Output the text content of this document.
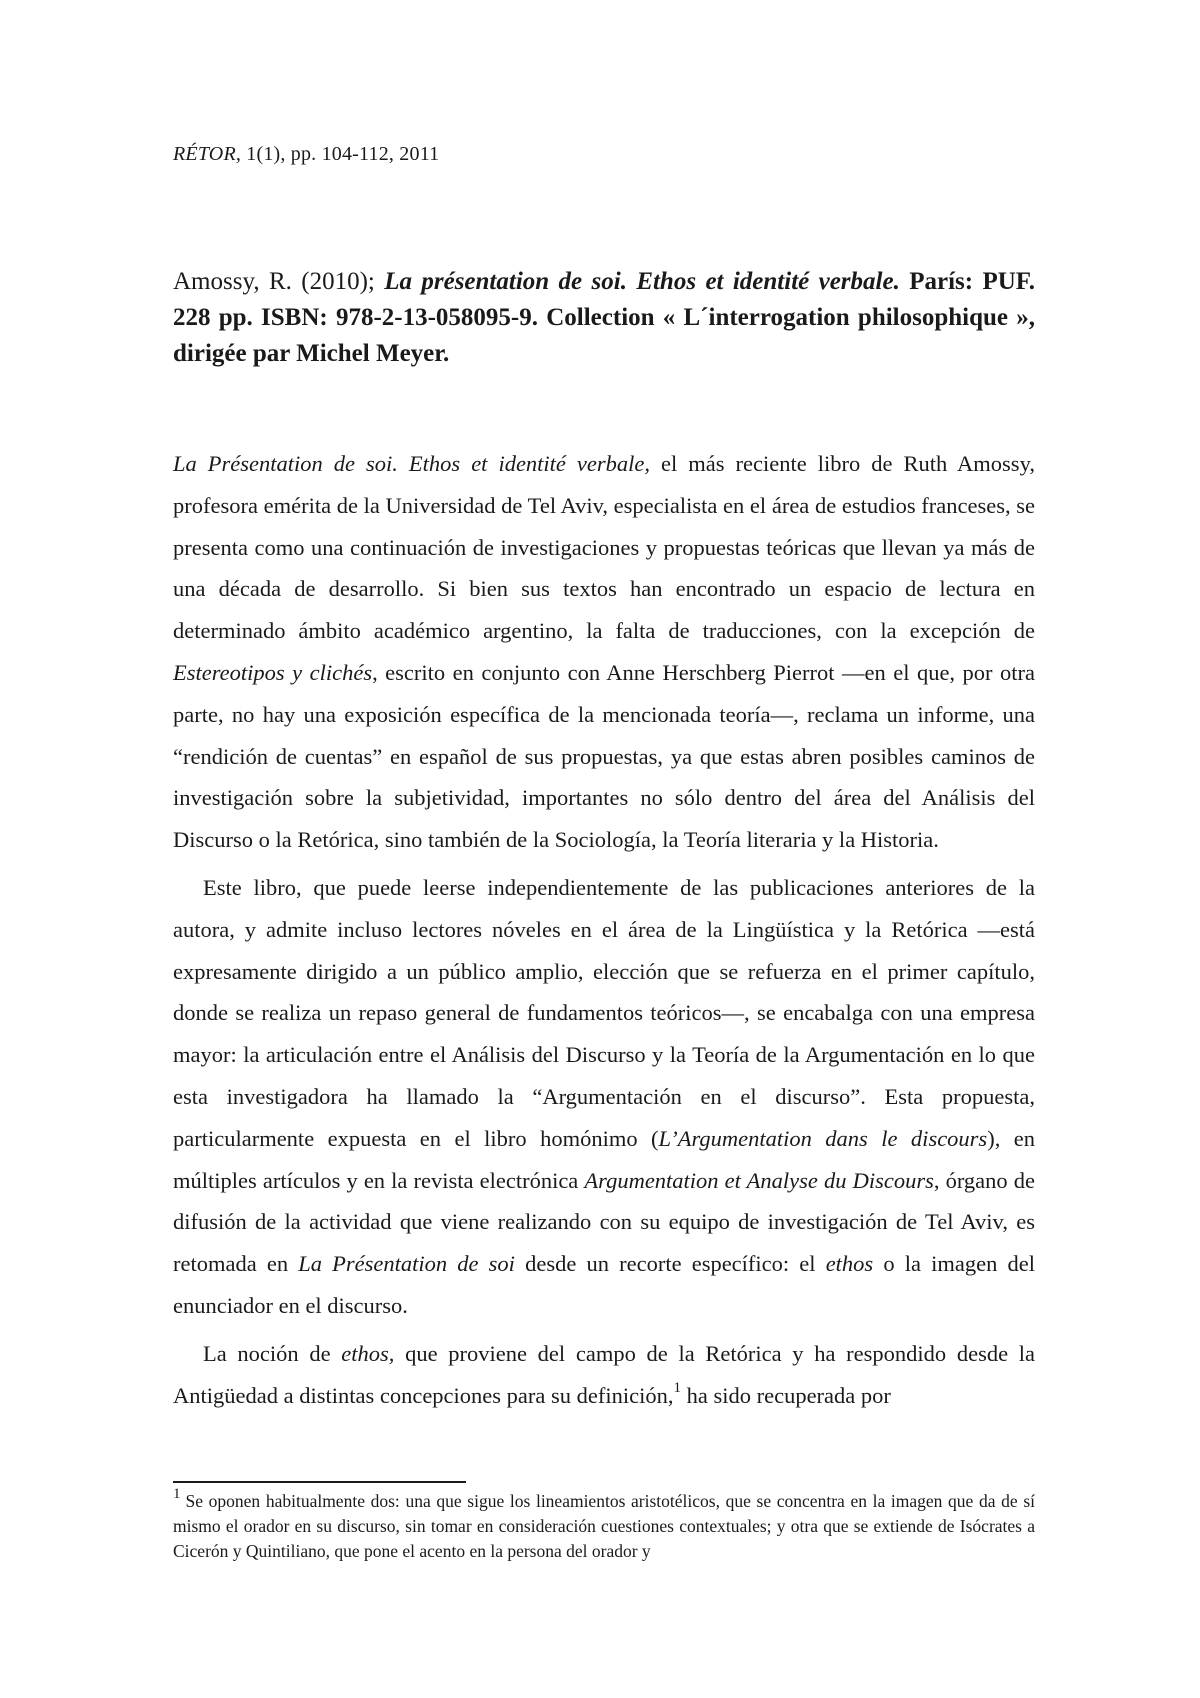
RÉTOR, 1(1), pp. 104-112, 2011
Amossy, R. (2010); La présentation de soi. Ethos et identité verbale. París: PUF. 228 pp. ISBN: 978-2-13-058095-9. Collection « L´interrogation philosophique », dirigée par Michel Meyer.

La Présentation de soi. Ethos et identité verbale, el más reciente libro de Ruth Amossy, profesora emérita de la Universidad de Tel Aviv, especialista en el área de estudios franceses, se presenta como una continuación de investigaciones y propuestas teóricas que llevan ya más de una década de desarrollo. Si bien sus textos han encontrado un espacio de lectura en determinado ámbito académico argentino, la falta de traducciones, con la excepción de Estereotipos y clichés, escrito en conjunto con Anne Herschberg Pierrot —en el que, por otra parte, no hay una exposición específica de la mencionada teoría—, reclama un informe, una “rendición de cuentas” en español de sus propuestas, ya que estas abren posibles caminos de investigación sobre la subjetividad, importantes no sólo dentro del área del Análisis del Discurso o la Retórica, sino también de la Sociología, la Teoría literaria y la Historia.

Este libro, que puede leerse independientemente de las publicaciones anteriores de la autora, y admite incluso lectores nóveles en el área de la Lingüística y la Retórica —está expresamente dirigido a un público amplio, elección que se refuerza en el primer capítulo, donde se realiza un repaso general de fundamentos teóricos—, se encabalga con una empresa mayor: la articulación entre el Análisis del Discurso y la Teoría de la Argumentación en lo que esta investigadora ha llamado la “Argumentación en el discurso”. Esta propuesta, particularmente expuesta en el libro homónimo (L’Argumentation dans le discours), en múltiples artículos y en la revista electrónica Argumentation et Analyse du Discours, órgano de difusión de la actividad que viene realizando con su equipo de investigación de Tel Aviv, es retomada en La Présentation de soi desde un recorte específico: el ethos o la imagen del enunciador en el discurso.

La noción de ethos, que proviene del campo de la Retórica y ha respondido desde la Antigüedad a distintas concepciones para su definición,$^1$ ha sido recuperada por

$^1$ Se oponen habitualmente dos: una que sigue los lineamientos aristotélicos, que se concentra en la imagen que da de sí mismo el orador en su discurso, sin tomar en consideración cuestiones contextuales; y otra que se extiende de Isócrates a Cicerón y Quintiliano, que pone el acento en la persona del orador y
